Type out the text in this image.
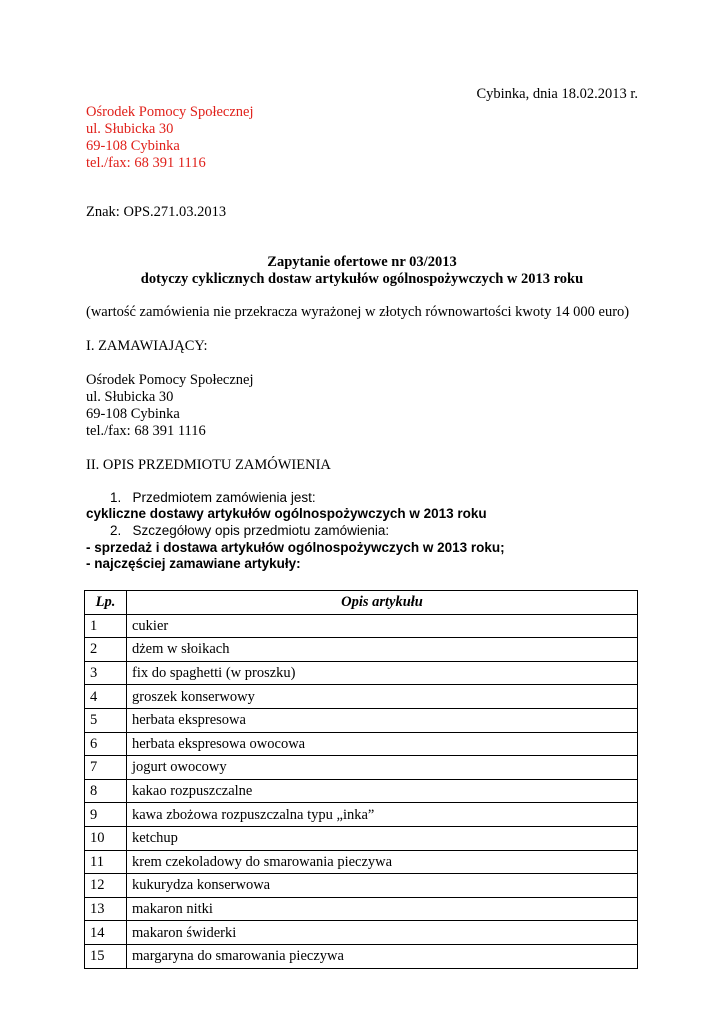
Cybinka, dnia 18.02.2013 r.

Ośrodek Pomocy Społecznej
ul. Słubicka 30
69-108 Cybinka
tel./fax: 68 391 1116

Znak: OPS.271.03.2013

Zapytanie ofertowe nr 03/2013

dotyczy cyklicznych dostaw artykułów ogólnospożywczych w 2013 roku

(wartość zamówienia nie przekracza wyrażonej w złotych równowartości kwoty 14 000 euro)

I. ZAMAWIAJĄCY:

Ośrodek Pomocy Społecznej
ul. Słubicka 30
69-108 Cybinka
tel./fax: 68 391 1116

II. OPIS PRZEDMIOTU ZAMÓWIENIA

1.   Przedmiotem zamówienia jest:

cykliczne dostawy artykułów ogólnospożywczych w 2013 roku

2.   Szczegółowy opis przedmiotu zamówienia:

- sprzedaż i dostawa artykułów ogólnospożywczych w 2013 roku;

- najczęściej zamawiane artykuły:

Lp.	Opis artykułu
1	cukier
2	dżem w słoikach
3	fix do spaghetti (w proszku)
4	groszek konserwowy
5	herbata ekspresowa
6	herbata ekspresowa owocowa
7	jogurt owocowy
8	kakao rozpuszczalne
9	kawa zbożowa rozpuszczalna typu „inka”
10	ketchup
11	krem czekoladowy do smarowania pieczywa
12	kukurydza konserwowa
13	makaron nitki
14	makaron świderki
15	margaryna do smarowania pieczywa
